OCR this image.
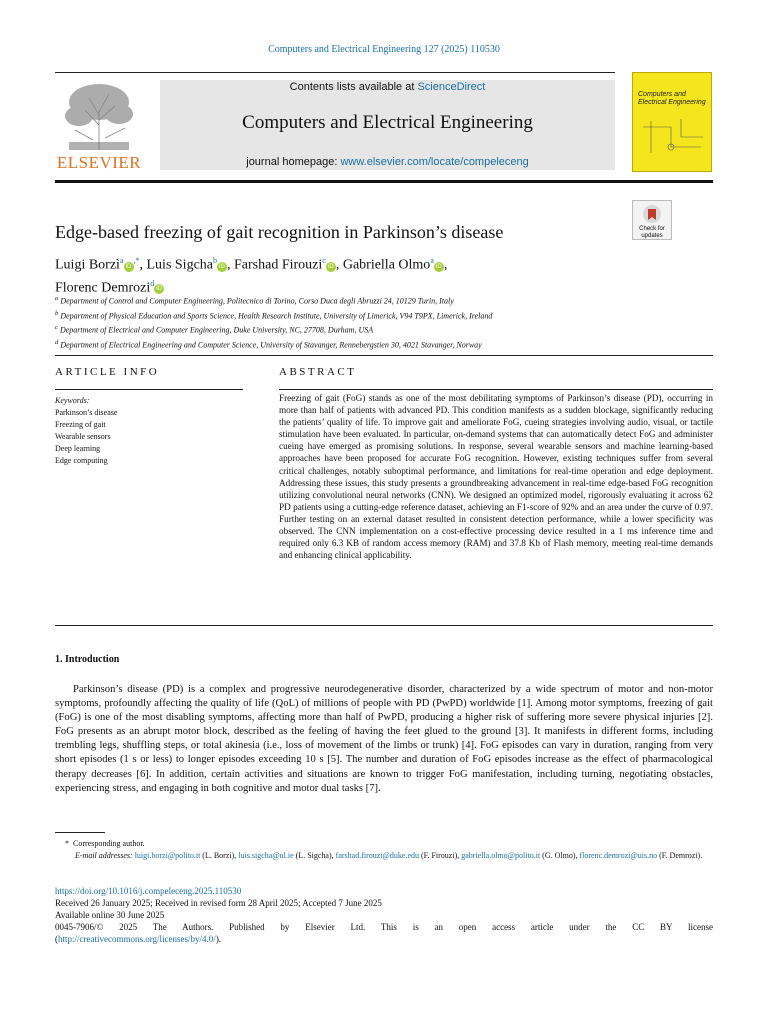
Computers and Electrical Engineering 127 (2025) 110530
Contents lists available at ScienceDirect
Computers and Electrical Engineering
journal homepage: www.elsevier.com/locate/compeleceng
ELSEVIER
Computers and Electrical Engineering
Edge-based freezing of gait recognition in Parkinson’s disease	Check for updates
Luigi Borzì$^a$iD,*, Luis Sigcha$^b$iD , Farshad Firouzi$^c$iD , Gabriella Olmo$^a$iD ,
Florenc Demrozi$^d$iD
$^a$ Department of Control and Computer Engineering, Politecnico di Torino, Corso Duca degli Abruzzi 24, 10129 Turin, Italy
$^b$ Department of Physical Education and Sports Science, Health Research Institute, University of Limerick, V94 T9PX, Limerick, Ireland
$^c$ Department of Electrical and Computer Engineering, Duke University, NC, 27708, Durham, USA
$^d$ Department of Electrical Engineering and Computer Science, University of Stavanger, Rennebergstien 30, 4021 Stavanger, Norway
ARTICLE INFO	ABSTRACT
Keywords:
Parkinson’s disease
Freezing of gait
Wearable sensors
Deep learning
Edge computing
Freezing of gait (FoG) stands as one of the most debilitating symptoms of Parkinson’s disease (PD), occurring in more than half of patients with advanced PD. This condition manifests as a sudden blockage, significantly reducing the patients’ quality of life. To improve gait and ameliorate FoG, cueing strategies involving audio, visual, or tactile stimulation have been evaluated. In particular, on-demand systems that can automatically detect FoG and administer cueing have emerged as promising solutions. In response, several wearable sensors and machine learning-based approaches have been proposed for accurate FoG recognition. However, existing techniques suffer from several critical challenges, notably suboptimal performance, and limitations for real-time operation and edge deployment. Addressing these issues, this study presents a groundbreaking advancement in real-time edge-based FoG recognition utilizing convolutional neural networks (CNN). We designed an optimized model, rigorously evaluating it across 62 PD patients using a cutting-edge reference dataset, achieving an F1-score of 92% and an area under the curve of 0.97. Further testing on an external dataset resulted in consistent detection performance, while a lower specificity was observed. The CNN implementation on a cost-effective processing device resulted in a 1 ms inference time and required only 6.3 KB of random access memory (RAM) and 37.8 Kb of Flash memory, meeting real-time demands and enhancing clinical applicability.
1. Introduction
Parkinson’s disease (PD) is a complex and progressive neurodegenerative disorder, characterized by a wide spectrum of motor and non-motor symptoms, profoundly affecting the quality of life (QoL) of millions of people with PD (PwPD) worldwide [1]. Among motor symptoms, freezing of gait (FoG) is one of the most disabling symptoms, affecting more than half of PwPD, producing a higher risk of suffering more severe physical injuries [2]. FoG presents as an abrupt motor block, described as the feeling of having the feet glued to the ground [3]. It manifests in different forms, including trembling legs, shuffling steps, or total akinesia (i.e., loss of movement of the limbs or trunk) [4]. FoG episodes can vary in duration, ranging from very short episodes (1 s or less) to longer episodes exceeding 10 s [5]. The number and duration of FoG episodes increase as the effect of pharmacological therapy decreases [6]. In addition, certain activities and situations are known to trigger FoG manifestation, including turning, negotiating obstacles, experiencing stress, and engaging in both cognitive and motor dual tasks [7].
*  Corresponding author.
E-mail addresses: luigi.borzi@polito.it (L. Borzì), luis.sigcha@ul.ie (L. Sigcha), farshad.firouzi@duke.edu (F. Firouzi), gabriella.olmo@polito.it (G. Olmo), florenc.demrozi@uis.no (F. Demrozi).
https://doi.org/10.1016/j.compeleceng.2025.110530
Received 26 January 2025; Received in revised form 28 April 2025; Accepted 7 June 2025
Available online 30 June 2025
0045-7906/© 2025 The Authors. Published by Elsevier Ltd. This is an open access article under the CC BY license
(http://creativecommons.org/licenses/by/4.0/).
